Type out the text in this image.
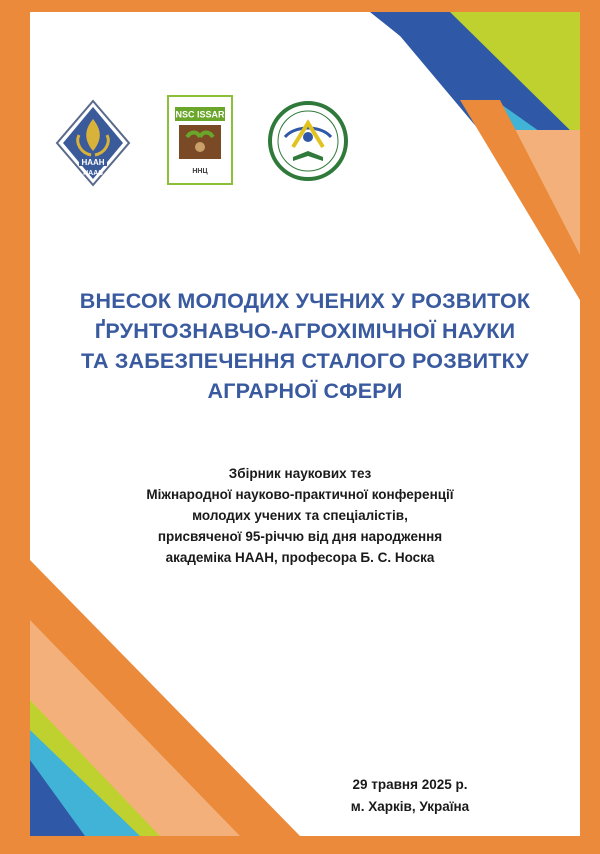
НААН
NAAS
NSC ISSAR
ННЦ
ВНЕСОК МОЛОДИХ УЧЕНИХ У РОЗВИТОК
ҐРУНТОЗНАВЧО-АГРОХІМІЧНОЇ НАУКИ
ТА ЗАБЕЗПЕЧЕННЯ СТАЛОГО РОЗВИТКУ
АГРАРНОЇ СФЕРИ
Збірник наукових тез
Міжнародної науково-практичної конференції
молодих учених та спеціалістів,
присвяченої 95-річчю від дня народження
академіка НААН, професора Б. С. Носка
29 травня 2025 р.
м. Харків, Україна
